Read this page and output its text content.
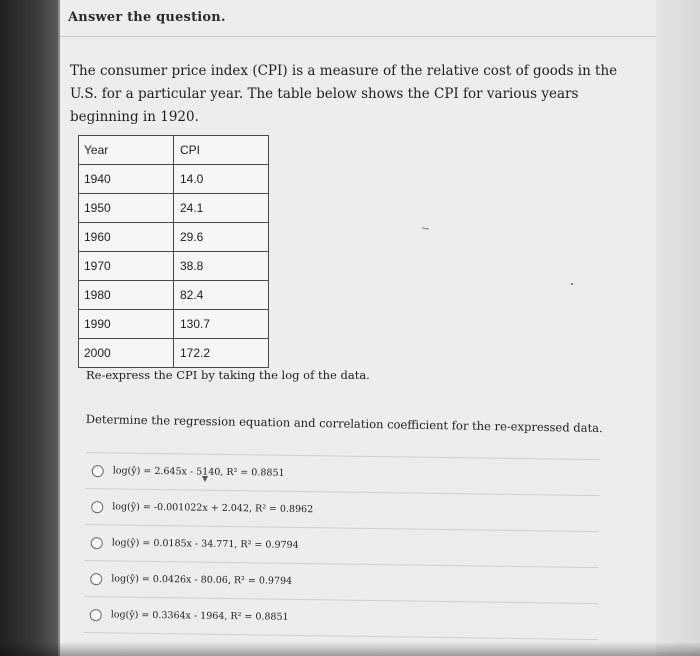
Answer the question.
The consumer price index (CPI) is a measure of the relative cost of goods in the U.S. for a particular year. The table below shows the CPI for various years beginning in 1920.
Year	CPI
1940	14.0
1950	24.1
1960	29.6
1970	38.8
1980	82.4
1990	130.7
2000	172.2
Re-express the CPI by taking the log of the data.
Determine the regression equation and correlation coefficient for the re-expressed data.
log(ŷ) = 2.645x - 5140, R² = 0.8851
log(ŷ) = -0.001022x + 2.042, R² = 0.8962
log(ŷ) = 0.0185x - 34.771, R² = 0.9794
log(ŷ) = 0.0426x - 80.06, R² = 0.9794
log(ŷ) = 0.3364x - 1964, R² = 0.8851
